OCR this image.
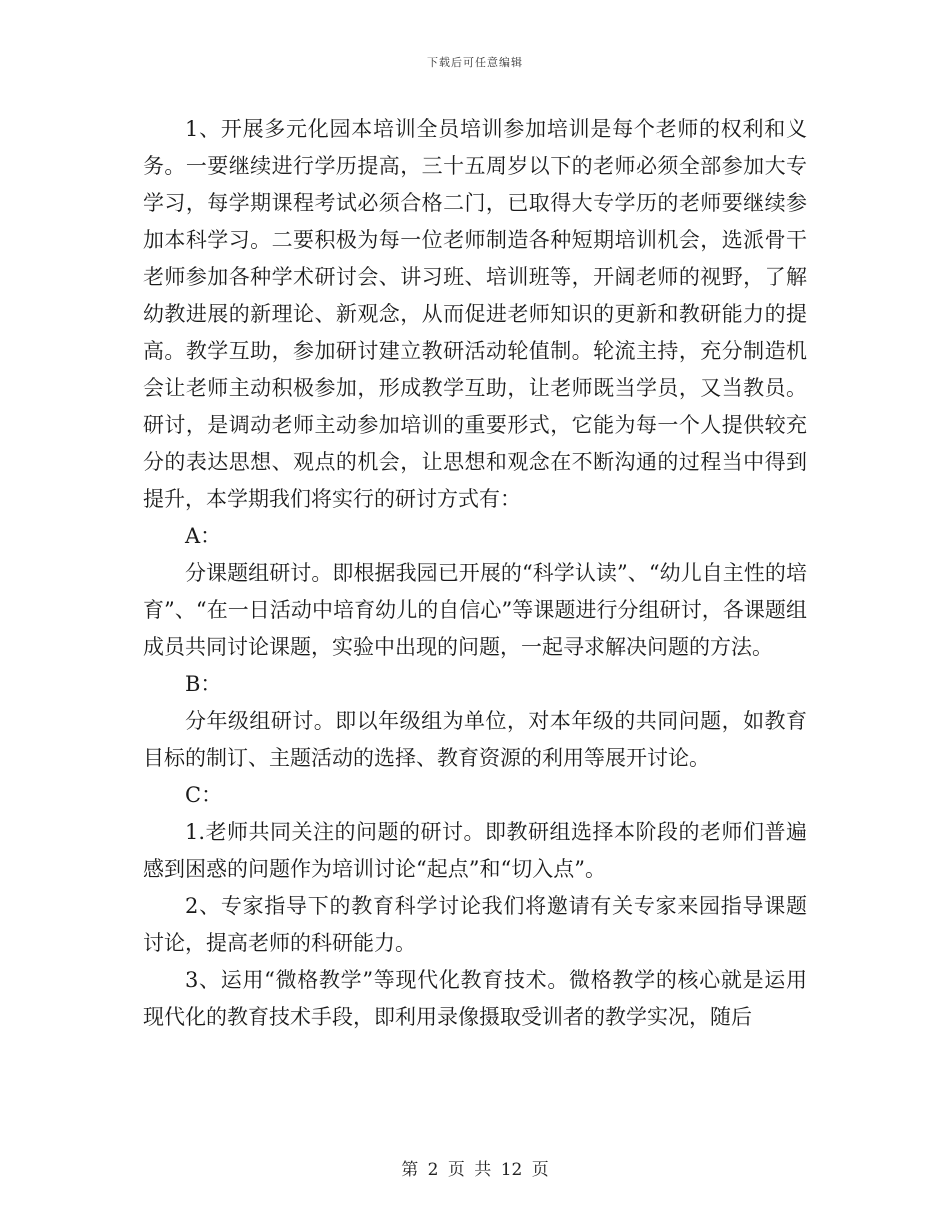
下载后可任意编辑

1、开展多元化园本培训全员培训参加培训是每个老师的权利和义务。一要继续进行学历提高，三十五周岁以下的老师必须全部参加大专学习，每学期课程考试必须合格二门，已取得大专学历的老师要继续参加本科学习。二要积极为每一位老师制造各种短期培训机会，选派骨干老师参加各种学术研讨会、讲习班、培训班等，开阔老师的视野，了解幼教进展的新理论、新观念，从而促进老师知识的更新和教研能力的提高。教学互助，参加研讨建立教研活动轮值制。轮流主持，充分制造机会让老师主动积极参加，形成教学互助，让老师既当学员，又当教员。研讨，是调动老师主动参加培训的重要形式，它能为每一个人提供较充分的表达思想、观点的机会，让思想和观念在不断沟通的过程当中得到提升，本学期我们将实行的研讨方式有：

A：

分课题组研讨。即根据我园已开展的“科学认读”、“幼儿自主性的培育”、“在一日活动中培育幼儿的自信心”等课题进行分组研讨，各课题组成员共同讨论课题，实验中出现的问题，一起寻求解决问题的方法。

B：

分年级组研讨。即以年级组为单位，对本年级的共同问题，如教育目标的制订、主题活动的选择、教育资源的利用等展开讨论。

C：

1.老师共同关注的问题的研讨。即教研组选择本阶段的老师们普遍感到困惑的问题作为培训讨论“起点”和“切入点”。

2、专家指导下的教育科学讨论我们将邀请有关专家来园指导课题讨论，提高老师的科研能力。

3、运用“微格教学”等现代化教育技术。微格教学的核心就是运用现代化的教育技术手段，即利用录像摄取受训者的教学实况，随后

第 2 页 共 12 页
